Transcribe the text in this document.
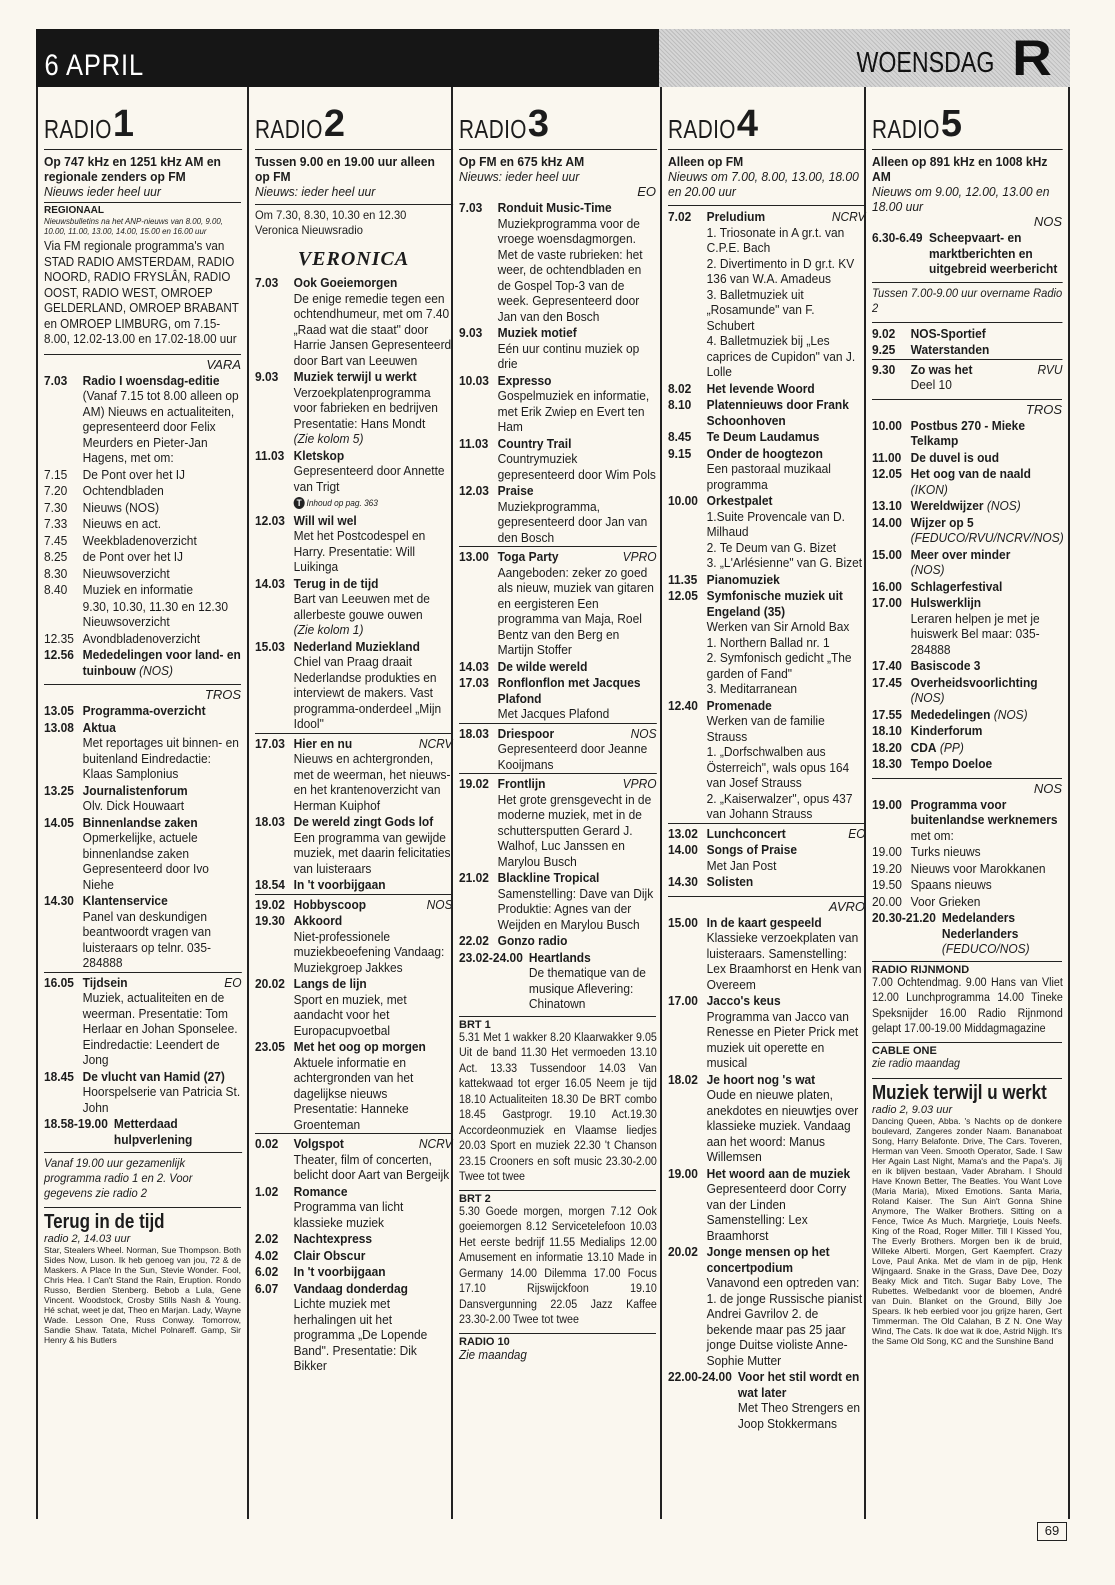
6 APRIL	WOENSDAG R
RADIO1
Op 747 kHz en 1251 kHz AM en regionale zenders op FM
Nieuws ieder heel uur
REGIONAAL
Nieuwsbulletins na het ANP-nieuws van 8.00, 9.00, 10.00, 11.00, 13.00, 14.00, 15.00 en 16.00 uur
Via FM regionale programma's van STAD RADIO AMSTERDAM, RADIO NOORD, RADIO FRYSLÂN, RADIO OOST, RADIO WEST, OMROEP GELDERLAND, OMROEP BRABANT en OMROEP LIMBURG, om 7.15-8.00, 12.02-13.00 en 17.02-18.00 uur
VARA
7.03	Radio I woensdag-editie
(Vanaf 7.15 tot 8.00 alleen op AM) Nieuws en actualiteiten, gepresenteerd door Felix Meurders en Pieter-Jan Hagens, met om:
7.15	De Pont over het IJ
7.20	Ochtendbladen
7.30	Nieuws (NOS)
7.33	Nieuws en act.
7.45	Weekbladenoverzicht
8.25	de Pont over het IJ
8.30	Nieuwsoverzicht
8.40	Muziek en informatie
9.30, 10.30, 11.30 en 12.30 Nieuwsoverzicht
12.35 Avondbladenoverzicht
12.56 Mededelingen voor land- en tuinbouw (NOS)
TROS
13.05 Programma-overzicht
13.08 Aktua
Met reportages uit binnen- en buitenland Eindredactie: Klaas Samplonius
13.25 Journalistenforum
Olv. Dick Houwaart
14.05 Binnenlandse zaken
Opmerkelijke, actuele binnenlandse zaken Gepresenteerd door Ivo Niehe
14.30 Klantenservice
Panel van deskundigen beantwoordt vragen van luisteraars op telnr. 035-284888
16.05 Tijdsein	EO

Muziek, actualiteiten en de weerman. Presentatie: Tom Herlaar en Johan Sponselee. Eindredactie: Leendert de Jong
18.45 De vlucht van Hamid (27)
Hoorspelserie van Patricia St. John
18.58-19.00 Metterdaad hulpverlening
Vanaf 19.00 uur gezamenlijk programma radio 1 en 2. Voor gegevens zie radio 2
Terug in de tijd
radio 2, 14.03 uur
Star, Stealers Wheel. Norman, Sue Thompson. Both Sides Now, Luson. Ik heb genoeg van jou, 72 & de Maskers. A Place In the Sun, Stevie Wonder. Fool, Chris Hea. I Can't Stand the Rain, Eruption. Rondo Russo, Berdien Stenberg. Bebob a Lula, Gene Vincent. Woodstock, Crosby Stills Nash & Young. Hé schat, weet je dat, Theo en Marjan. Lady, Wayne Wade. Lesson One, Russ Conway. Tomorrow, Sandie Shaw. Tatata, Michel Polnareff. Gamp, Sir Henry & his Butlers
RADIO2
Tussen 9.00 en 19.00 uur alleen op FM
Nieuws: ieder heel uur
Om 7.30, 8.30, 10.30 en 12.30 Veronica Nieuwsradio
VERONICA
7.03	Ook Goeiemorgen
De enige remedie tegen een ochtendhumeur, met om 7.40 „Raad wat die staat" door Harrie Jansen Gepresenteerd door Bart van Leeuwen
9.03	Muziek terwijl u werkt
Verzoekplatenprogramma voor fabrieken en bedrijven Presentatie: Hans Mondt
(Zie kolom 5)
11.03 Kletskop
Gepresenteerd door Annette van Trigt
T Inhoud op pag. 363
12.03 Will wil wel
Met het Postcodespel en Harry. Presentatie: Will Luikinga
14.03 Terug in de tijd
Bart van Leeuwen met de allerbeste gouwe ouwen
(Zie kolom 1)
15.03 Nederland Muziekland
Chiel van Praag draait Nederlandse produkties en interviewt de makers. Vast programma-onderdeel „Mijn Idool"
17.03 Hier en nu	NCRV

Nieuws en achtergronden, met de weerman, het nieuws- en het krantenoverzicht van Herman Kuiphof
18.03 De wereld zingt Gods lof
Een programma van gewijde muziek, met daarin felicitaties van luisteraars
18.54 In 't voorbijgaan
19.02 Hobbyscoop	NOS
19.30 Akkoord
Niet-professionele muziekbeoefening Vandaag: Muziekgroep Jakkes
20.02 Langs de lijn
Sport en muziek, met aandacht voor het Europacupvoetbal
23.05 Met het oog op morgen
Aktuele informatie en achtergronden van het dagelijkse nieuws Presentatie: Hanneke Groenteman
0.02	Volgspot	NCRV

Theater, film of concerten, belicht door Aart van Bergeijk
1.02	Romance
Programma van licht klassieke muziek
2.02	Nachtexpress
4.02	Clair Obscur
6.02	In 't voorbijgaan
6.07	Vandaag donderdag
Lichte muziek met herhalingen uit het programma „De Lopende Band". Presentatie: Dik Bikker
RADIO3
Op FM en 675 kHz AM
Nieuws: ieder heel uur
EO
7.03	Ronduit Music-Time
Muziekprogramma voor de vroege woensdagmorgen. Met de vaste rubrieken: het weer, de ochtendbladen en de Gospel Top-3 van de week. Gepresenteerd door Jan van den Bosch
9.03	Muziek motief
Eén uur continu muziek op drie
10.03 Expresso
Gospelmuziek en informatie, met Erik Zwiep en Evert ten Ham
11.03 Country Trail
Countrymuziek gepresenteerd door Wim Pols
12.03 Praise
Muziekprogramma, gepresenteerd door Jan van den Bosch
13.00 Toga Party	VPRO

Aangeboden: zeker zo goed als nieuw, muziek van gitaren en eergisteren Een programma van Maja, Roel Bentz van den Berg en Martijn Stoffer
14.03 De wilde wereld
17.03 Ronflonflon met Jacques Plafond
Met Jacques Plafond
18.03 Driespoor	NOS

Gepresenteerd door Jeanne Kooijmans
19.02 Frontlijn	VPRO

Het grote grensgevecht in de moderne muziek, met in de schuttersputten Gerard J. Walhof, Luc Janssen en Marylou Busch
21.02 Blackline Tropical
Samenstelling: Dave van Dijk Produktie: Agnes van der Weijden en Marylou Busch
22.02 Gonzo radio
23.02-24.00 Heartlands
De thematique van de musique Aflevering: Chinatown
BRT 1
5.31 Met 1 wakker 8.20 Klaarwakker 9.05 Uit de band 11.30 Het vermoeden 13.10 Act. 13.33 Tussendoor 14.03 Van kattekwaad tot erger 16.05 Neem je tijd 18.10 Actualiteiten 18.30 De BRT combo 18.45 Gastprogr. 19.10 Act.19.30 Accordeonmuziek en Vlaamse liedjes 20.03 Sport en muziek 22.30 't Chanson 23.15 Crooners en soft music 23.30-2.00 Twee tot twee
BRT 2
5.30 Goede morgen, morgen 7.12 Ook goeiemorgen 8.12 Servicetelefoon 10.03 Het eerste bedrijf 11.55 Medialips 12.00 Amusement en informatie 13.10 Made in Germany 14.00 Dilemma 17.00 Focus 17.10 Rijswijckfoon 19.10 Dansvergunning 22.05 Jazz Kaffee 23.30-2.00 Twee tot twee
RADIO 10
Zie maandag
RADIO4
Alleen op FM
Nieuws om 7.00, 8.00, 13.00, 18.00 en 20.00 uur
7.02	Preludium	NCRV
1. Triosonate in A gr.t. van C.P.E. Bach
2. Divertimento in D gr.t. KV 136 van W.A. Amadeus
3. Balletmuziek uit „Rosamunde" van F. Schubert
4. Balletmuziek bij „Les caprices de Cupidon" van J. Lolle
8.02	Het levende Woord
8.10	Platennieuws door Frank Schoonhoven
8.45	Te Deum Laudamus
9.15	Onder de hoogtezon
Een pastoraal muzikaal programma
10.00 Orkestpalet
1.Suite Provencale van D. Milhaud
2. Te Deum van G. Bizet
3. „L'Arlésienne" van G. Bizet
11.35 Pianomuziek
12.05 Symfonische muziek uit Engeland (35)
Werken van Sir Arnold Bax
1. Northern Ballad nr. 1
2. Symfonisch gedicht „The garden of Fand"
3. Meditarranean
12.40 Promenade
Werken van de familie Strauss
1. „Dorfschwalben aus Österreich", wals opus 164 van Josef Strauss
2. „Kaiserwalzer", opus 437 van Johann Strauss
13.02 Lunchconcert	EO
14.00 Songs of Praise
Met Jan Post
14.30 Solisten
AVRO
15.00 In de kaart gespeeld
Klassieke verzoekplaten van luisteraars. Samenstelling: Lex Braamhorst en Henk van Overeem
17.00 Jacco's keus
Programma van Jacco van Renesse en Pieter Prick met muziek uit operette en musical
18.02 Je hoort nog 's wat
Oude en nieuwe platen, anekdotes en nieuwtjes over klassieke muziek. Vandaag aan het woord: Manus Willemsen
19.00 Het woord aan de muziek
Gepresenteerd door Corry van der Linden Samenstelling: Lex Braamhorst
20.02 Jonge mensen op het concertpodium
Vanavond een optreden van: 1. de jonge Russische pianist Andrei Gavrilov 2. de bekende maar pas 25 jaar jonge Duitse violiste Anne-Sophie Mutter
22.00-24.00 Voor het stil wordt en wat later
Met Theo Strengers en Joop Stokkermans
RADIO5
Alleen op 891 kHz en 1008 kHz AM
Nieuws om 9.00, 12.00, 13.00 en 18.00 uur
NOS
6.30-6.49 Scheepvaart- en marktberichten en uitgebreid weerbericht
Tussen 7.00-9.00 uur overname Radio 2
9.02	NOS-Sportief
9.25	Waterstanden
9.30	Zo was het	RVU

Deel 10
TROS
10.00 Postbus 270 - Mieke Telkamp
11.00 De duvel is oud
12.05 Het oog van de naald
(IKON)
13.10 Wereldwijzer (NOS)
14.00 Wijzer op 5 (FEDUCO/RVU/NCRV/NOS)
15.00 Meer over minder
(NOS)
16.00 Schlagerfestival
17.00 Hulswerklijn
Leraren helpen je met je huiswerk Bel maar: 035-284888
17.40 Basiscode 3
17.45 Overheidsvoorlichting
(NOS)
17.55 Mededelingen (NOS)
18.10 Kinderforum
18.20 CDA (PP)
18.30 Tempo Doeloe
NOS
19.00 Programma voor buitenlandse werknemers
met om:
19.00 Turks nieuws
19.20 Nieuws voor Marokkanen
19.50 Spaans nieuws
20.00 Voor Grieken
20.30-21.20 Medelanders Nederlanders (FEDUCO/NOS)
RADIO RIJNMOND
7.00 Ochtendmag. 9.00 Hans van Vliet 12.00 Lunchprogramma 14.00 Tineke Speksnijder 16.00 Radio Rijnmond gelapt 17.00-19.00 Middagmagazine
CABLE ONE
zie radio maandag
Muziek terwijl u werkt
radio 2, 9.03 uur
Dancing Queen, Abba. 's Nachts op de donkere boulevard, Zangeres zonder Naam. Bananaboat Song, Harry Belafonte. Drive, The Cars. Toveren, Herman van Veen. Smooth Operator, Sade. I Saw Her Again Last Night, Mama's and the Papa's. Jij en ik blijven bestaan, Vader Abraham. I Should Have Known Better, The Beatles. You Want Love (Maria Maria), Mixed Emotions. Santa Maria, Roland Kaiser. The Sun Ain't Gonna Shine Anymore, The Walker Brothers. Sitting on a Fence, Twice As Much. Margrietje, Louis Neefs. King of the Road, Roger Miller. Till I Kissed You, The Everly Brothers. Morgen ben ik de bruid, Willeke Alberti. Morgen, Gert Kaempfert. Crazy Love, Paul Anka. Met de vlam in de pijp, Henk Wijngaard. Snake in the Grass, Dave Dee, Dozy Beaky Mick and Titch. Sugar Baby Love, The Rubettes. Welbedankt voor de bloemen, André van Duin. Blanket on the Ground, Billy Joe Spears. Ik heb eerbied voor jou grijze haren, Gert Timmerman. The Old Calahan, B Z N. One Way Wind, The Cats. Ik doe wat ik doe, Astrid Nijgh. It's the Same Old Song, KC and the Sunshine Band
69
